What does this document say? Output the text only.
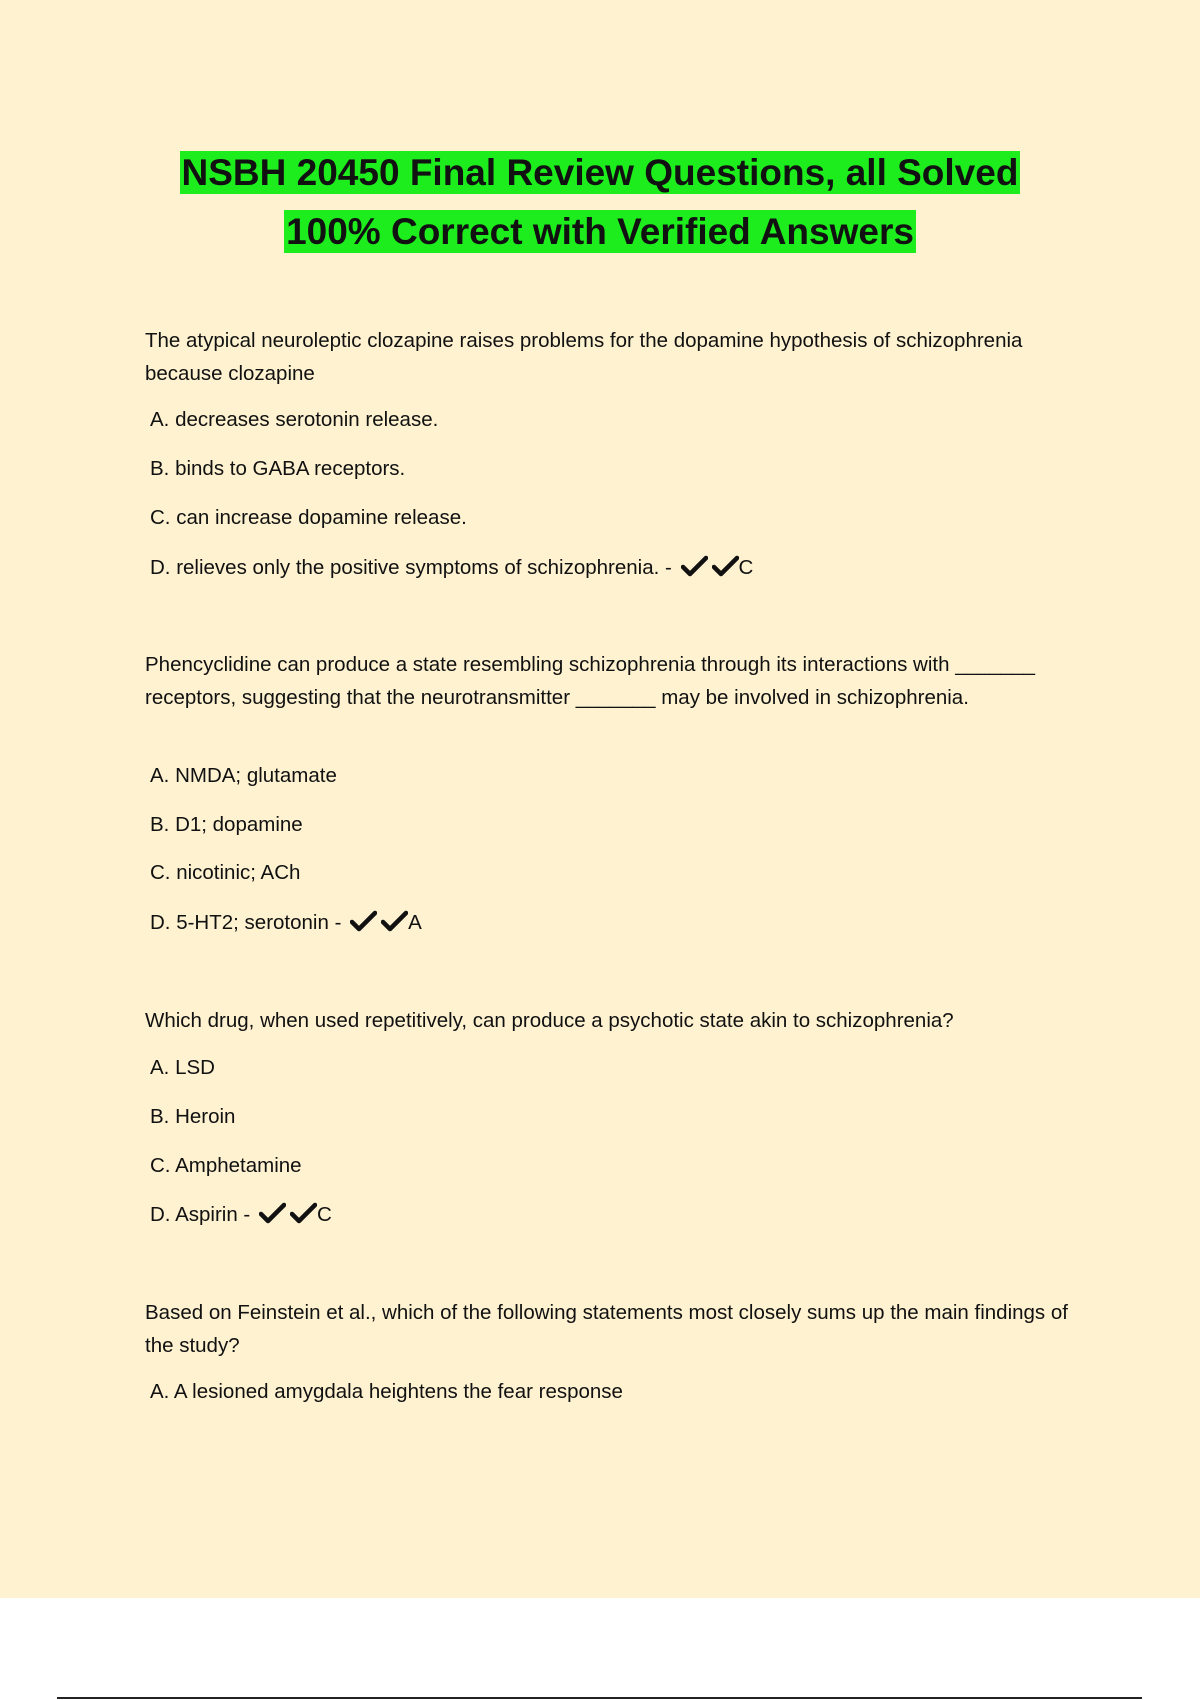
NSBH 20450 Final Review Questions, all Solved
100% Correct with Verified Answers

The atypical neuroleptic clozapine raises problems for the dopamine hypothesis of schizophrenia because clozapine

A. decreases serotonin release.

B. binds to GABA receptors.

C. can increase dopamine release.

D. relieves only the positive symptoms of schizophrenia. -	C

Phencyclidine can produce a state resembling schizophrenia through its interactions with _______ receptors, suggesting that the neurotransmitter _______ may be involved in schizophrenia.

A. NMDA; glutamate

B. D1; dopamine

C. nicotinic; ACh

D. 5-HT2; serotonin -	A

Which drug, when used repetitively, can produce a psychotic state akin to schizophrenia?

A. LSD

B. Heroin

C. Amphetamine

D. Aspirin -	C

Based on Feinstein et al., which of the following statements most closely sums up the main findings of the study?

A. A lesioned amygdala heightens the fear response
